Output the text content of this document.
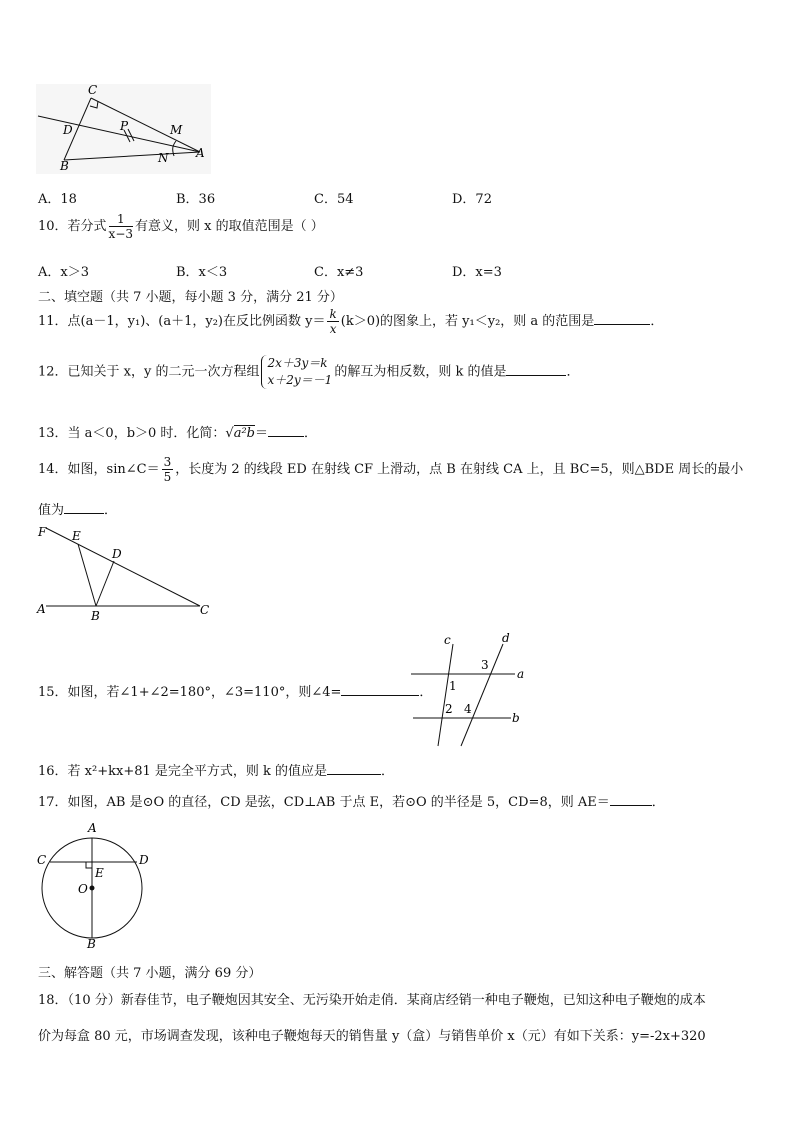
C
D	P	M
B
N A
A．18	B．36	C．54	D．72
10．若分式 $\frac{1}{x-3}$ 有意义，则 x 的取值范围是（ ）
A．x＞3	B．x＜3	C．x≠3	D．x=3
二、填空题（共 7 小题，每小题 3 分，满分 21 分）
11．点(a－1，y₁)、(a＋1，y₂)在反比例函数 $y= \frac{k}{x} (k>0)$的图象上，若 y₁＜y₂，则 a 的范围是	．
12．已知关于 x，y 的二元一次方程组
2x＋3y＝k
x＋2y＝－1
的解互为相反数，则 k 的值是	．
13．当 a＜0，b＞0 时．化简：√a²b＝	．
14．如图，sin∠C＝ $\frac{3}{5}$ ，长度为 2 的线段 ED 在射线 CF 上滑动，点 B 在射线 CA 上，且 BC=5，则△BDE 周长的最小
值为	．
F E
D
A	B	C
15．如图，若∠1+∠2=180°，∠3=110°，则∠4=	．
c	d
3
a
1
2 4
b
16．若 x²+kx+81 是完全平方式，则 k 的值应是	．
17．如图，AB 是⊙O 的直径，CD 是弦，CD⊥AB 于点 E，若⊙O 的半径是 5，CD=8，则 AE＝	．
A
C	D
E
O
B
三、解答题（共 7 小题，满分 69 分）
18．（10 分）新春佳节，电子鞭炮因其安全、无污染开始走俏．某商店经销一种电子鞭炮，已知这种电子鞭炮的成本
价为每盒 80 元，市场调查发现，该种电子鞭炮每天的销售量 y（盒）与销售单价 x（元）有如下关系：y=-2x+320
